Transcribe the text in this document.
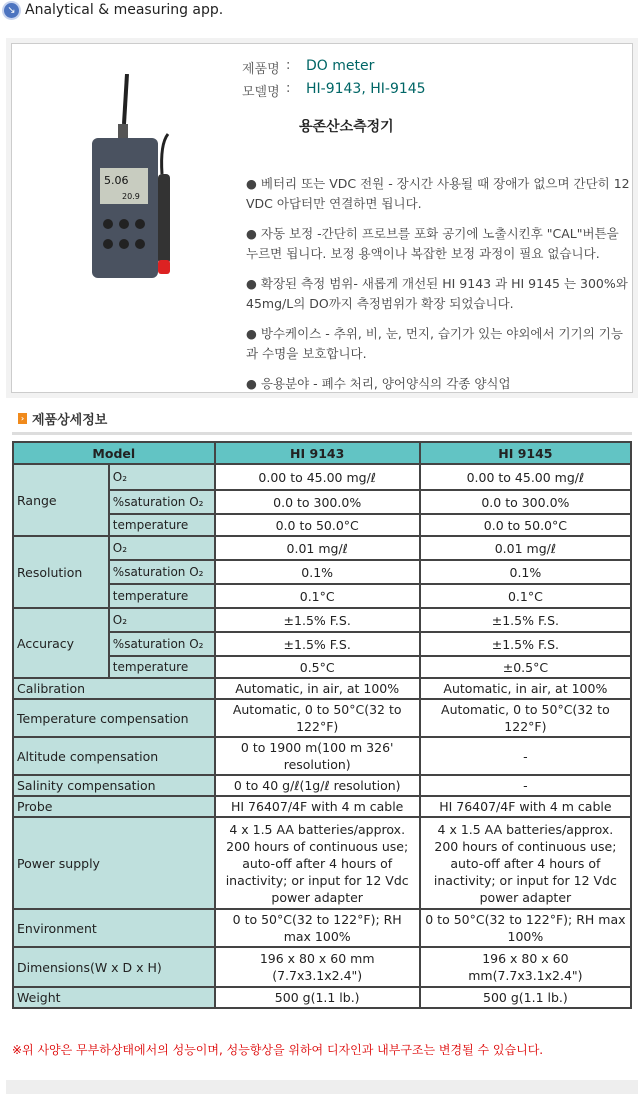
↘ Analytical & measuring app.
5.06
20.9
제품명 :	DO meter
모델명 :	HI-9143, HI-9145
용존산소측정기

● 베터리 또는 VDC 전원 - 장시간 사용될 때 장애가 없으며 간단히 12 VDC 아답터만 연결하면 됩니다.

● 자동 보정 -간단히 프로브를 포화 공기에 노출시킨후 "CAL"버튼을 누르면 됩니다. 보정 용액이나 복잡한 보정 과정이 필요 없습니다.

● 확장된 측정 범위- 새롭게 개선된 HI 9143 과 HI 9145 는 300%와 45mg/L의 DO까지 측정범위가 확장 되었습니다.

● 방수케이스 - 추위, 비, 눈, 먼지, 습기가 있는 야외에서 기기의 기능과 수명을 보호합니다.

● 응용분야 - 폐수 처리, 양어양식의 각종 양식업

› 제품상세정보
Model		HI 9143	HI 9145
Range	O₂	0.00 to 45.00 mg/ℓ	0.00 to 45.00 mg/ℓ
	%saturation O₂	0.0 to 300.0%	0.0 to 300.0%
	temperature	0.0 to 50.0°C	0.0 to 50.0°C
Resolution	O₂	0.01 mg/ℓ	0.01 mg/ℓ
	%saturation O₂	0.1%	0.1%
	temperature	0.1°C	0.1°C
Accuracy	O₂	±1.5% F.S.	±1.5% F.S.
	%saturation O₂	±1.5% F.S.	±1.5% F.S.
	temperature	0.5°C	±0.5°C
Calibration		Automatic, in air, at 100%	Automatic, in air, at 100%
Temperature compensation		Automatic, 0 to 50°C(32 to 122°F)	Automatic, 0 to 50°C(32 to 122°F)
Altitude compensation		0 to 1900 m(100 m 326' resolution)	-
Salinity compensation		0 to 40 g/ℓ(1g/ℓ resolution)	-
Probe		HI 76407/4F with 4 m cable	HI 76407/4F with 4 m cable
Power supply		4 x 1.5 AA batteries/approx. 200 hours of continuous use; auto-off after 4 hours of inactivity; or input for 12 Vdc power adapter	4 x 1.5 AA batteries/approx. 200 hours of continuous use; auto-off after 4 hours of inactivity; or input for 12 Vdc power adapter
Environment		0 to 50°C(32 to 122°F); RH max 100%	0 to 50°C(32 to 122°F); RH max 100%
Dimensions(W x D x H)		196 x 80 x 60 mm (7.7x3.1x2.4")	196 x 80 x 60 mm(7.7x3.1x2.4")
Weight		500 g(1.1 lb.)	500 g(1.1 lb.)
※위 사양은 무부하상태에서의 성능이며, 성능향상을 위하여 디자인과 내부구조는 변경될 수 있습니다.
